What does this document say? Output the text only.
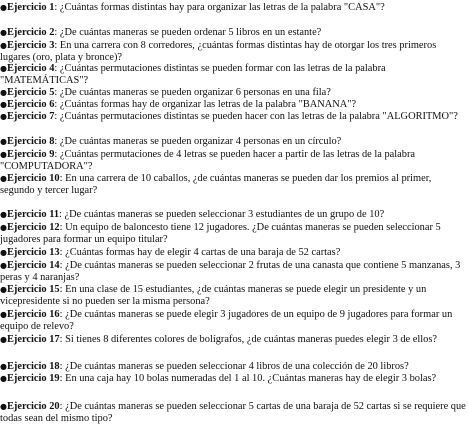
● Ejercicio 1: ¿Cuántas formas distintas hay para organizar las letras de la palabra "CASA"?

● Ejercicio 2: ¿De cuántas maneras se pueden ordenar 5 libros en un estante?

● Ejercicio 3: En una carrera con 8 corredores, ¿cuántas formas distintas hay de otorgar los tres primeros lugares (oro, plata y bronce)?

● Ejercicio 4: ¿Cuántas permutaciones distintas se pueden formar con las letras de la palabra "MATEMÁTICAS"?

● Ejercicio 5: ¿De cuántas maneras se pueden organizar 6 personas en una fila?

● Ejercicio 6: ¿Cuántas formas hay de organizar las letras de la palabra "BANANA"?

● Ejercicio 7: ¿Cuántas permutaciones distintas se pueden hacer con las letras de la palabra "ALGORITMO"?

● Ejercicio 8: ¿De cuántas maneras se pueden organizar 4 personas en un círculo?

● Ejercicio 9: ¿Cuántas permutaciones de 4 letras se pueden hacer a partir de las letras de la palabra "COMPUTADORA"?

● Ejercicio 10: En una carrera de 10 caballos, ¿de cuántas maneras se pueden dar los premios al primer, segundo y tercer lugar?

● Ejercicio 11: ¿De cuántas maneras se pueden seleccionar 3 estudiantes de un grupo de 10?

● Ejercicio 12: Un equipo de baloncesto tiene 12 jugadores. ¿De cuántas maneras se pueden seleccionar 5 jugadores para formar un equipo titular?

● Ejercicio 13: ¿Cuántas formas hay de elegir 4 cartas de una baraja de 52 cartas?

● Ejercicio 14: ¿De cuántas maneras se pueden seleccionar 2 frutas de una canasta que contiene 5 manzanas, 3 peras y 4 naranjas?

● Ejercicio 15: En una clase de 15 estudiantes, ¿de cuántas maneras se puede elegir un presidente y un vicepresidente si no pueden ser la misma persona?

● Ejercicio 16: ¿De cuántas maneras se puede elegir 3 jugadores de un equipo de 9 jugadores para formar un equipo de relevo?

● Ejercicio 17: Si tienes 8 diferentes colores de bolígrafos, ¿de cuántas maneras puedes elegir 3 de ellos?

● Ejercicio 18: ¿De cuántas maneras se pueden seleccionar 4 libros de una colección de 20 libros?

● Ejercicio 19: En una caja hay 10 bolas numeradas del 1 al 10. ¿Cuántas maneras hay de elegir 3 bolas?

● Ejercicio 20: ¿De cuántas maneras se pueden seleccionar 5 cartas de una baraja de 52 cartas si se requiere que todas sean del mismo tipo?
